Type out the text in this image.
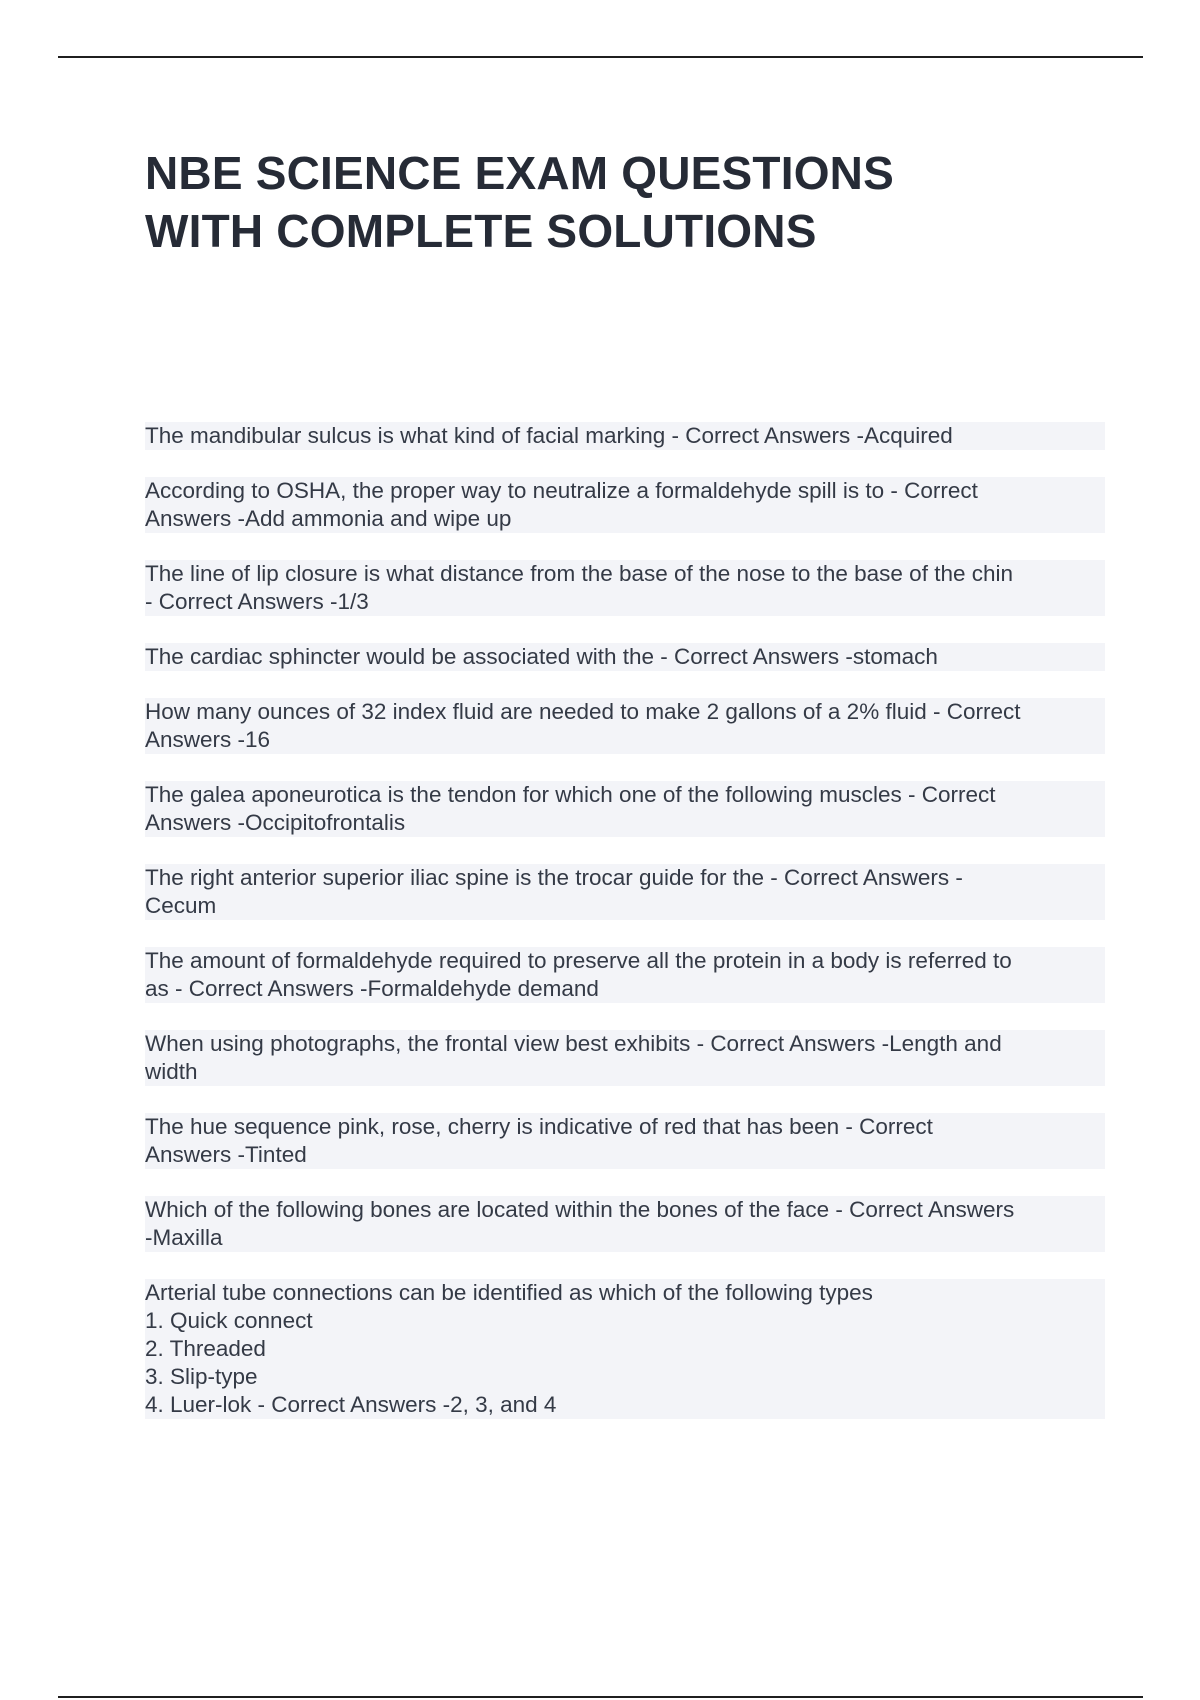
NBE SCIENCE EXAM QUESTIONS
WITH COMPLETE SOLUTIONS
The mandibular sulcus is what kind of facial marking - Correct Answers -Acquired
According to OSHA, the proper way to neutralize a formaldehyde spill is to - Correct
Answers -Add ammonia and wipe up
The line of lip closure is what distance from the base of the nose to the base of the chin
- Correct Answers -1/3
The cardiac sphincter would be associated with the - Correct Answers -stomach
How many ounces of 32 index fluid are needed to make 2 gallons of a 2% fluid - Correct
Answers -16
The galea aponeurotica is the tendon for which one of the following muscles - Correct
Answers -Occipitofrontalis
The right anterior superior iliac spine is the trocar guide for the - Correct Answers -
Cecum
The amount of formaldehyde required to preserve all the protein in a body is referred to
as - Correct Answers -Formaldehyde demand
When using photographs, the frontal view best exhibits - Correct Answers -Length and
width
The hue sequence pink, rose, cherry is indicative of red that has been - Correct
Answers -Tinted
Which of the following bones are located within the bones of the face - Correct Answers
-Maxilla
Arterial tube connections can be identified as which of the following types
1. Quick connect
2. Threaded
3. Slip-type
4. Luer-lok - Correct Answers -2, 3, and 4
